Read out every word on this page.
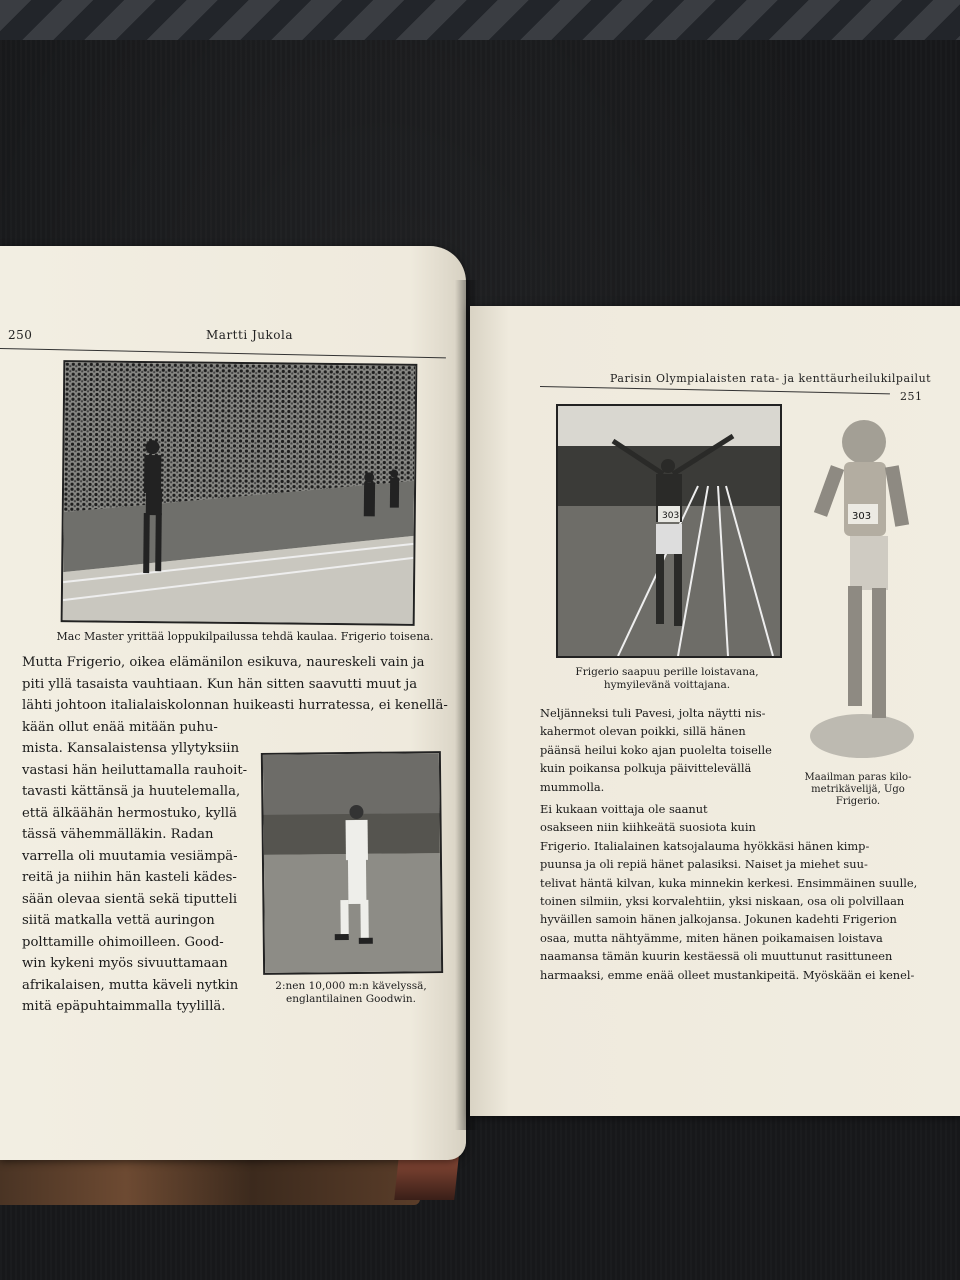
250	Martti Jukola
Mac Master yrittää loppukilpailussa tehdä kaulaa. Frigerio toisena.
Mutta Frigerio, oikea elämänilon esikuva, naureskeli vain ja
piti yllä tasaista vauhtiaan. Kun hän sitten saavutti muut ja
lähti johtoon italialaiskolonnan huikeasti hurratessa, ei kenellä-
kään ollut enää mitään puhu-
mista. Kansalaistensa yllytyksiin
vastasi hän heiluttamalla rauhoit-
tavasti kättänsä ja huutelemalla,
että älkäähän hermostuko, kyllä
tässä vähemmälläkin. Radan
varrella oli muutamia vesiämpä-
reitä ja niihin hän kasteli kädes-
sään olevaa sientä sekä tiputteli
siitä matkalla vettä auringon
polttamille ohimoilleen. Good-
win kykeni myös sivuuttamaan
afrikalaisen, mutta käveli nytkin
mitä epäpuhtaimmalla tyylillä.
2:nen 10,000 m:n kävelyssä,
englantilainen Goodwin.
Parisin Olympialaisten rata- ja kenttäurheilukilpailut
251
303
Frigerio saapuu perille loistavana,
hymyilevänä voittajana.
303
Maailman paras kilo-
metrikävelijä, Ugo
Frigerio.
Neljänneksi tuli Pavesi, jolta näytti nis-
kahermot olevan poikki, sillä hänen
päänsä heilui koko ajan puolelta toiselle
kuin poikansa polkuja päivittelevällä
mummolla.
Ei kukaan voittaja ole saanut
osakseen niin kiihkeätä suosiota kuin
Frigerio. Italialainen katsojalauma hyökkäsi hänen kimp-
puunsa ja oli repiä hänet palasiksi. Naiset ja miehet suu-
telivat häntä kilvan, kuka minnekin kerkesi. Ensimmäinen suulle,
toinen silmiin, yksi korvalehtiin, yksi niskaan, osa oli polvillaan
hyväillen samoin hänen jalkojansa. Jokunen kadehti Frigerion
osaa, mutta nähtyämme, miten hänen poikamaisen loistava
naamansa tämän kuurin kestäessä oli muuttunut rasittuneen
harmaaksi, emme enää olleet mustankipeitä. Myöskään ei kenel-
